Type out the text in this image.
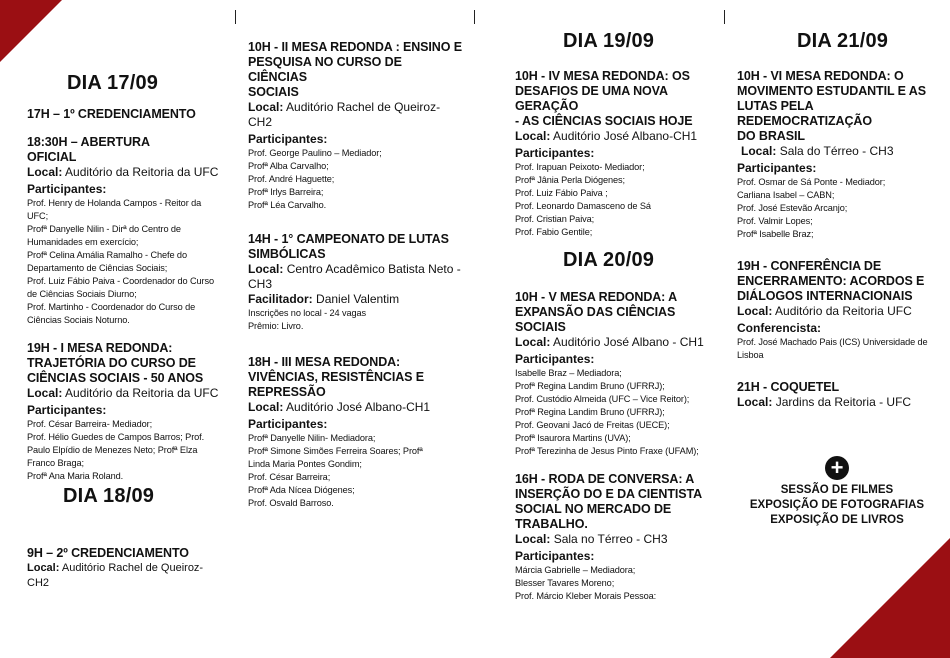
DIA 17/09
17H – 1º CREDENCIAMENTO
18:30H – ABERTURA
OFICIAL
Local: Auditório da Reitoria da UFC
Participantes:
Prof. Henry de Holanda Campos - Reitor da
UFC;
Profª Danyelle Nilin - Dirª do Centro de
Humanidades em exercício;
Profª Celina Amália Ramalho - Chefe do
Departamento de Ciências Sociais;
Prof. Luiz Fábio Paiva - Coordenador do Curso
de Ciências Sociais Diurno;
Prof. Martinho - Coordenador do Curso de
Ciências Sociais Noturno.
19H - I MESA REDONDA:
TRAJETÓRIA DO CURSO DE
CIÊNCIAS SOCIAIS - 50 ANOS
Local: Auditório da Reitoria da UFC
Participantes:
Prof. César Barreira- Mediador;
Prof. Hélio Guedes de Campos Barros; Prof.
Paulo Elpídio de Menezes Neto; Profª Elza
Franco Braga;
Profª Ana Maria Roland.
DIA 18/09
9H – 2º CREDENCIAMENTO
Local: Auditório Rachel de Queiroz- CH2
10H - II MESA REDONDA : ENSINO E
PESQUISA NO CURSO DE CIÊNCIAS
SOCIAIS
Local: Auditório Rachel de Queiroz-
CH2
Participantes:
Prof. George Paulino – Mediador;
Profª Alba Carvalho;
Prof. André Haguette;
Profª Irlys Barreira;
Profª Léa Carvalho.
14H - 1° CAMPEONATO DE LUTAS
SIMBÓLICAS
Local: Centro Acadêmico Batista Neto -
CH3
Facilitador: Daniel Valentim
Inscrições no local - 24 vagas
Prêmio: Livro.
18H - III MESA REDONDA:
VIVÊNCIAS, RESISTÊNCIAS E
REPRESSÃO
Local: Auditório José Albano-CH1
Participantes:
Profª Danyelle Nilin- Mediadora;
Profª Simone Simões Ferreira Soares; Profª
Linda Maria Pontes Gondim;
Prof. César Barreira;
Profª Ada Nícea Diógenes;
Prof. Osvald Barroso.
DIA 19/09
10H - IV MESA REDONDA: OS
DESAFIOS DE UMA NOVA GERAÇÃO
- AS CIÊNCIAS SOCIAIS HOJE
Local: Auditório José Albano-CH1
Participantes:
Prof. Irapuan Peixoto- Mediador;
Profª Jânia Perla Diógenes;
Prof. Luiz Fábio Paiva ;
Prof. Leonardo Damasceno de Sá
Prof. Cristian Paiva;
Prof. Fabio Gentile;
DIA 20/09
10H - V MESA REDONDA: A
EXPANSÃO DAS CIÊNCIAS SOCIAIS
Local: Auditório José Albano - CH1
Participantes:
Isabelle Braz – Mediadora;
Profª Regina Landim Bruno (UFRRJ);
Prof. Custódio Almeida (UFC – Vice Reitor);
Profª Regina Landim Bruno (UFRRJ);
Prof. Geovani Jacó de Freitas (UECE);
Profª Isaurora Martins (UVA);
Profª Terezinha de Jesus Pinto Fraxe (UFAM);
16H - RODA DE CONVERSA: A
INSERÇÃO DO E DA CIENTISTA
SOCIAL NO MERCADO DE
TRABALHO.
Local: Sala no Térreo - CH3
Participantes:
Márcia Gabrielle – Mediadora;
Blesser Tavares Moreno;
Prof. Márcio Kleber Morais Pessoa:
DIA 21/09
10H - VI MESA REDONDA: O
MOVIMENTO ESTUDANTIL E AS
LUTAS PELA REDEMOCRATIZAÇÃO
DO BRASIL
Local: Sala do Térreo - CH3
Participantes:
Prof. Osmar de Sá Ponte - Mediador;
Carliana Isabel – CABN;
Prof. José Estevão Arcanjo;
Prof. Valmir Lopes;
Profª Isabelle Braz;
19H - CONFERÊNCIA DE
ENCERRAMENTO: ACORDOS E
DIÁLOGOS INTERNACIONAIS
Local: Auditório da Reitoria UFC
Conferencista:
Prof. José Machado Pais (ICS) Universidade de
Lisboa
21H - COQUETEL
Local: Jardins da Reitoria - UFC
+
SESSÃO DE FILMES
EXPOSIÇÃO DE FOTOGRAFIAS
EXPOSIÇÃO DE LIVROS
